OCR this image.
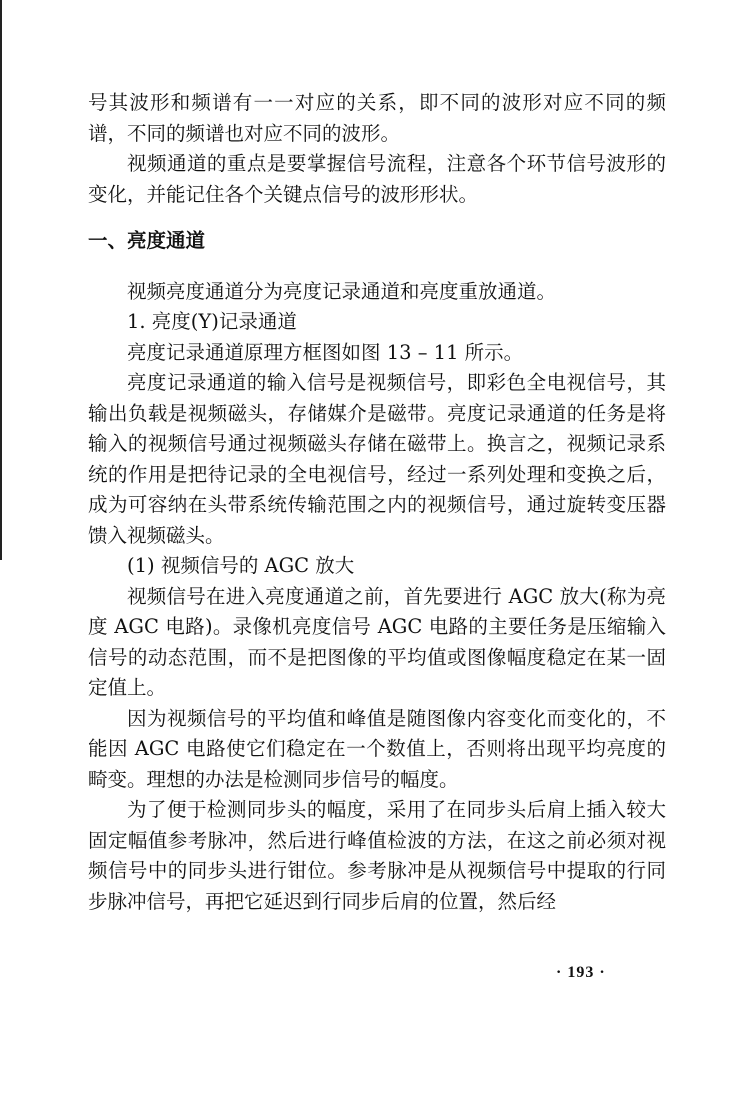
号其波形和频谱有一一对应的关系，即不同的波形对应不同的频谱，不同的频谱也对应不同的波形。

视频通道的重点是要掌握信号流程，注意各个环节信号波形的变化，并能记住各个关键点信号的波形形状。

一、亮度通道

视频亮度通道分为亮度记录通道和亮度重放通道。

1. 亮度(Y)记录通道

亮度记录通道原理方框图如图 13 – 11 所示。

亮度记录通道的输入信号是视频信号，即彩色全电视信号，其输出负载是视频磁头，存储媒介是磁带。亮度记录通道的任务是将输入的视频信号通过视频磁头存储在磁带上。换言之，视频记录系统的作用是把待记录的全电视信号，经过一系列处理和变换之后，成为可容纳在头带系统传输范围之内的视频信号，通过旋转变压器馈入视频磁头。

(1) 视频信号的 AGC 放大

视频信号在进入亮度通道之前，首先要进行 AGC 放大(称为亮度 AGC 电路)。录像机亮度信号 AGC 电路的主要任务是压缩输入信号的动态范围，而不是把图像的平均值或图像幅度稳定在某一固定值上。

因为视频信号的平均值和峰值是随图像内容变化而变化的，不能因 AGC 电路使它们稳定在一个数值上，否则将出现平均亮度的畸变。理想的办法是检测同步信号的幅度。

为了便于检测同步头的幅度，采用了在同步头后肩上插入较大固定幅值参考脉冲，然后进行峰值检波的方法，在这之前必须对视频信号中的同步头进行钳位。参考脉冲是从视频信号中提取的行同步脉冲信号，再把它延迟到行同步后肩的位置，然后经

· 193 ·
